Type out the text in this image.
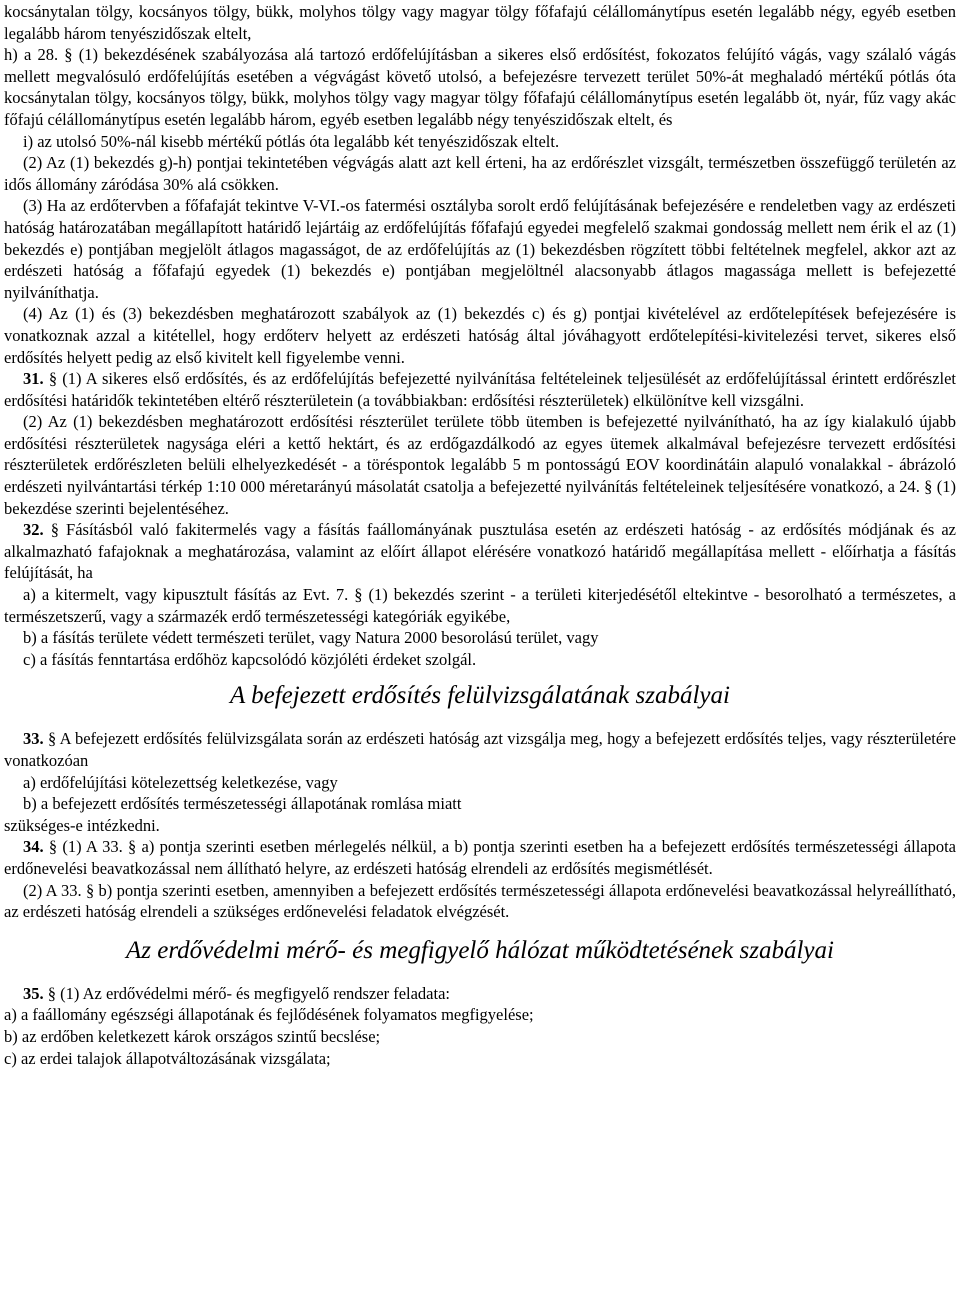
kocsánytalan tölgy, kocsányos tölgy, bükk, molyhos tölgy vagy magyar tölgy főfafajú célállománytípus esetén legalább négy, egyéb esetben legalább három tenyészidőszak eltelt,

h) a 28. § (1) bekezdésének szabályozása alá tartozó erdőfelújításban a sikeres első erdősítést, fokozatos felújító vágás, vagy szálaló vágás mellett megvalósuló erdőfelújítás esetében a végvágást követő utolsó, a befejezésre tervezett terület 50%-át meghaladó mértékű pótlás óta kocsánytalan tölgy, kocsányos tölgy, bükk, molyhos tölgy vagy magyar tölgy főfafajú célállománytípus esetén legalább öt, nyár, fűz vagy akác főfajú célállománytípus esetén legalább három, egyéb esetben legalább négy tenyészidőszak eltelt, és

i) az utolsó 50%-nál kisebb mértékű pótlás óta legalább két tenyészidőszak eltelt.

(2) Az (1) bekezdés g)-h) pontjai tekintetében végvágás alatt azt kell érteni, ha az erdőrészlet vizsgált, természetben összefüggő területén az idős állomány záródása 30% alá csökken.

(3) Ha az erdőtervben a főfafaját tekintve V-VI.-os fatermési osztályba sorolt erdő felújításának befejezésére e rendeletben vagy az erdészeti hatóság határozatában megállapított határidő lejártáig az erdőfelújítás főfafajú egyedei megfelelő szakmai gondosság mellett nem érik el az (1) bekezdés e) pontjában megjelölt átlagos magasságot, de az erdőfelújítás az (1) bekezdésben rögzített többi feltételnek megfelel, akkor azt az erdészeti hatóság a főfafajú egyedek (1) bekezdés e) pontjában megjelöltnél alacsonyabb átlagos magassága mellett is befejezetté nyilváníthatja.

(4) Az (1) és (3) bekezdésben meghatározott szabályok az (1) bekezdés c) és g) pontjai kivételével az erdőtelepítések befejezésére is vonatkoznak azzal a kitétellel, hogy erdőterv helyett az erdészeti hatóság által jóváhagyott erdőtelepítési-kivitelezési tervet, sikeres első erdősítés helyett pedig az első kivitelt kell figyelembe venni.

31. § (1) A sikeres első erdősítés, és az erdőfelújítás befejezetté nyilvánítása feltételeinek teljesülését az erdőfelújítással érintett erdőrészlet erdősítési határidők tekintetében eltérő részterületein (a továbbiakban: erdősítési részterületek) elkülönítve kell vizsgálni.

(2) Az (1) bekezdésben meghatározott erdősítési részterület területe több ütemben is befejezetté nyilvánítható, ha az így kialakuló újabb erdősítési részterületek nagysága eléri a kettő hektárt, és az erdőgazdálkodó az egyes ütemek alkalmával befejezésre tervezett erdősítési részterületek erdőrészleten belüli elhelyezkedését - a töréspontok legalább 5 m pontosságú EOV koordinátáin alapuló vonalakkal - ábrázoló erdészeti nyilvántartási térkép 1:10 000 méretarányú másolatát csatolja a befejezetté nyilvánítás feltételeinek teljesítésére vonatkozó, a 24. § (1) bekezdése szerinti bejelentéséhez.

32. § Fásításból való fakitermelés vagy a fásítás faállományának pusztulása esetén az erdészeti hatóság - az erdősítés módjának és az alkalmazható fafajoknak a meghatározása, valamint az előírt állapot elérésére vonatkozó határidő megállapítása mellett - előírhatja a fásítás felújítását, ha

a) a kitermelt, vagy kipusztult fásítás az Evt. 7. § (1) bekezdés szerint - a területi kiterjedésétől eltekintve - besorolható a természetes, a természetszerű, vagy a származék erdő természetességi kategóriák egyikébe,

b) a fásítás területe védett természeti terület, vagy Natura 2000 besorolású terület, vagy

c) a fásítás fenntartása erdőhöz kapcsolódó közjóléti érdeket szolgál.

A befejezett erdősítés felülvizsgálatának szabályai

33. § A befejezett erdősítés felülvizsgálata során az erdészeti hatóság azt vizsgálja meg, hogy a befejezett erdősítés teljes, vagy részterületére vonatkozóan

a) erdőfelújítási kötelezettség keletkezése, vagy

b) a befejezett erdősítés természetességi állapotának romlása miatt

szükséges-e intézkedni.

34. § (1) A 33. § a) pontja szerinti esetben mérlegelés nélkül, a b) pontja szerinti esetben ha a befejezett erdősítés természetességi állapota erdőnevelési beavatkozással nem állítható helyre, az erdészeti hatóság elrendeli az erdősítés megismétlését.

(2) A 33. § b) pontja szerinti esetben, amennyiben a befejezett erdősítés természetességi állapota erdőnevelési beavatkozással helyreállítható, az erdészeti hatóság elrendeli a szükséges erdőnevelési feladatok elvégzését.

Az erdővédelmi mérő- és megfigyelő hálózat működtetésének szabályai

35. § (1) Az erdővédelmi mérő- és megfigyelő rendszer feladata:

a) a faállomány egészségi állapotának és fejlődésének folyamatos megfigyelése;

b) az erdőben keletkezett károk országos szintű becslése;

c) az erdei talajok állapotváltozásának vizsgálata;
